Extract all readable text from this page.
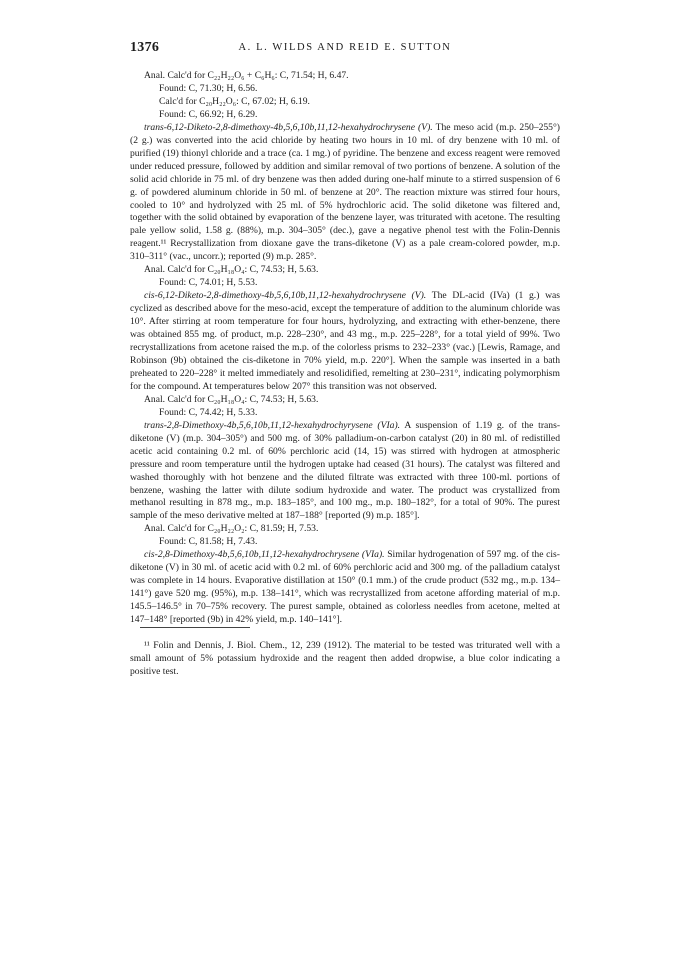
1376	A. L. WILDS AND REID E. SUTTON

Anal. Calc'd for C₂₂H₂₂O₆ + C₆H₆: C, 71.54; H, 6.47.

Found: C, 71.30; H, 6.56.

Calc'd for C₂₀H₂₂O₆: C, 67.02; H, 6.19.

Found: C, 66.92; H, 6.29.

trans-6,12-Diketo-2,8-dimethoxy-4b,5,6,10b,11,12-hexahydrochrysene (V). The meso acid (m.p. 250–255°) (2 g.) was converted into the acid chloride by heating two hours in 10 ml. of dry benzene with 10 ml. of purified (19) thionyl chloride and a trace (ca. 1 mg.) of pyridine. The benzene and excess reagent were removed under reduced pressure, followed by addition and similar removal of two portions of benzene. A solution of the solid acid chloride in 75 ml. of dry benzene was then added during one-half minute to a stirred suspension of 6 g. of powdered aluminum chloride in 50 ml. of benzene at 20°. The reaction mixture was stirred four hours, cooled to 10° and hydrolyzed with 25 ml. of 5% hydrochloric acid. The solid diketone was filtered and, together with the solid obtained by evaporation of the benzene layer, was triturated with acetone. The resulting pale yellow solid, 1.58 g. (88%), m.p. 304–305° (dec.), gave a negative phenol test with the Folin-Dennis reagent.¹¹ Recrystallization from dioxane gave the trans-diketone (V) as a pale cream-colored powder, m.p. 310–311° (vac., uncorr.); reported (9) m.p. 285°.

Anal. Calc'd for C₂₀H₁₈O₄: C, 74.53; H, 5.63.

Found: C, 74.01; H, 5.53.

cis-6,12-Diketo-2,8-dimethoxy-4b,5,6,10b,11,12-hexahydrochrysene (V). The DL-acid (IVa) (1 g.) was cyclized as described above for the meso-acid, except the temperature of addition to the aluminum chloride was 10°. After stirring at room temperature for four hours, hydrolyzing, and extracting with ether-benzene, there was obtained 855 mg. of product, m.p. 228–230°, and 43 mg., m.p. 225–228°, for a total yield of 99%. Two recrystallizations from acetone raised the m.p. of the colorless prisms to 232–233° (vac.) [Lewis, Ramage, and Robinson (9b) obtained the cis-diketone in 70% yield, m.p. 220°]. When the sample was inserted in a bath preheated to 220–228° it melted immediately and resolidified, remelting at 230–231°, indicating polymorphism for the compound. At temperatures below 207° this transition was not observed.

Anal. Calc'd for C₂₀H₁₈O₄: C, 74.53; H, 5.63.

Found: C, 74.42; H, 5.33.

trans-2,8-Dimethoxy-4b,5,6,10b,11,12-hexahydrochyrysene (VIa). A suspension of 1.19 g. of the trans-diketone (V) (m.p. 304–305°) and 500 mg. of 30% palladium-on-carbon catalyst (20) in 80 ml. of redistilled acetic acid containing 0.2 ml. of 60% perchloric acid (14, 15) was stirred with hydrogen at atmospheric pressure and room temperature until the hydrogen uptake had ceased (31 hours). The catalyst was filtered and washed thoroughly with hot benzene and the diluted filtrate was extracted with three 100-ml. portions of benzene, washing the latter with dilute sodium hydroxide and water. The product was crystallized from methanol resulting in 878 mg., m.p. 183–185°, and 100 mg., m.p. 180–182°, for a total of 90%. The purest sample of the meso derivative melted at 187–188° [reported (9) m.p. 185°].

Anal. Calc'd for C₂₀H₂₂O₂: C, 81.59; H, 7.53.

Found: C, 81.58; H, 7.43.

cis-2,8-Dimethoxy-4b,5,6,10b,11,12-hexahydrochrysene (VIa). Similar hydrogenation of 597 mg. of the cis-diketone (V) in 30 ml. of acetic acid with 0.2 ml. of 60% perchloric acid and 300 mg. of the palladium catalyst was complete in 14 hours. Evaporative distillation at 150° (0.1 mm.) of the crude product (532 mg., m.p. 134–141°) gave 520 mg. (95%), m.p. 138–141°, which was recrystallized from acetone affording material of m.p. 145.5–146.5° in 70–75% recovery. The purest sample, obtained as colorless needles from acetone, melted at 147–148° [reported (9b) in 42% yield, m.p. 140–141°].

¹¹ Folin and Dennis, J. Biol. Chem., 12, 239 (1912). The material to be tested was triturated well with a small amount of 5% potassium hydroxide and the reagent then added dropwise, a blue color indicating a positive test.
